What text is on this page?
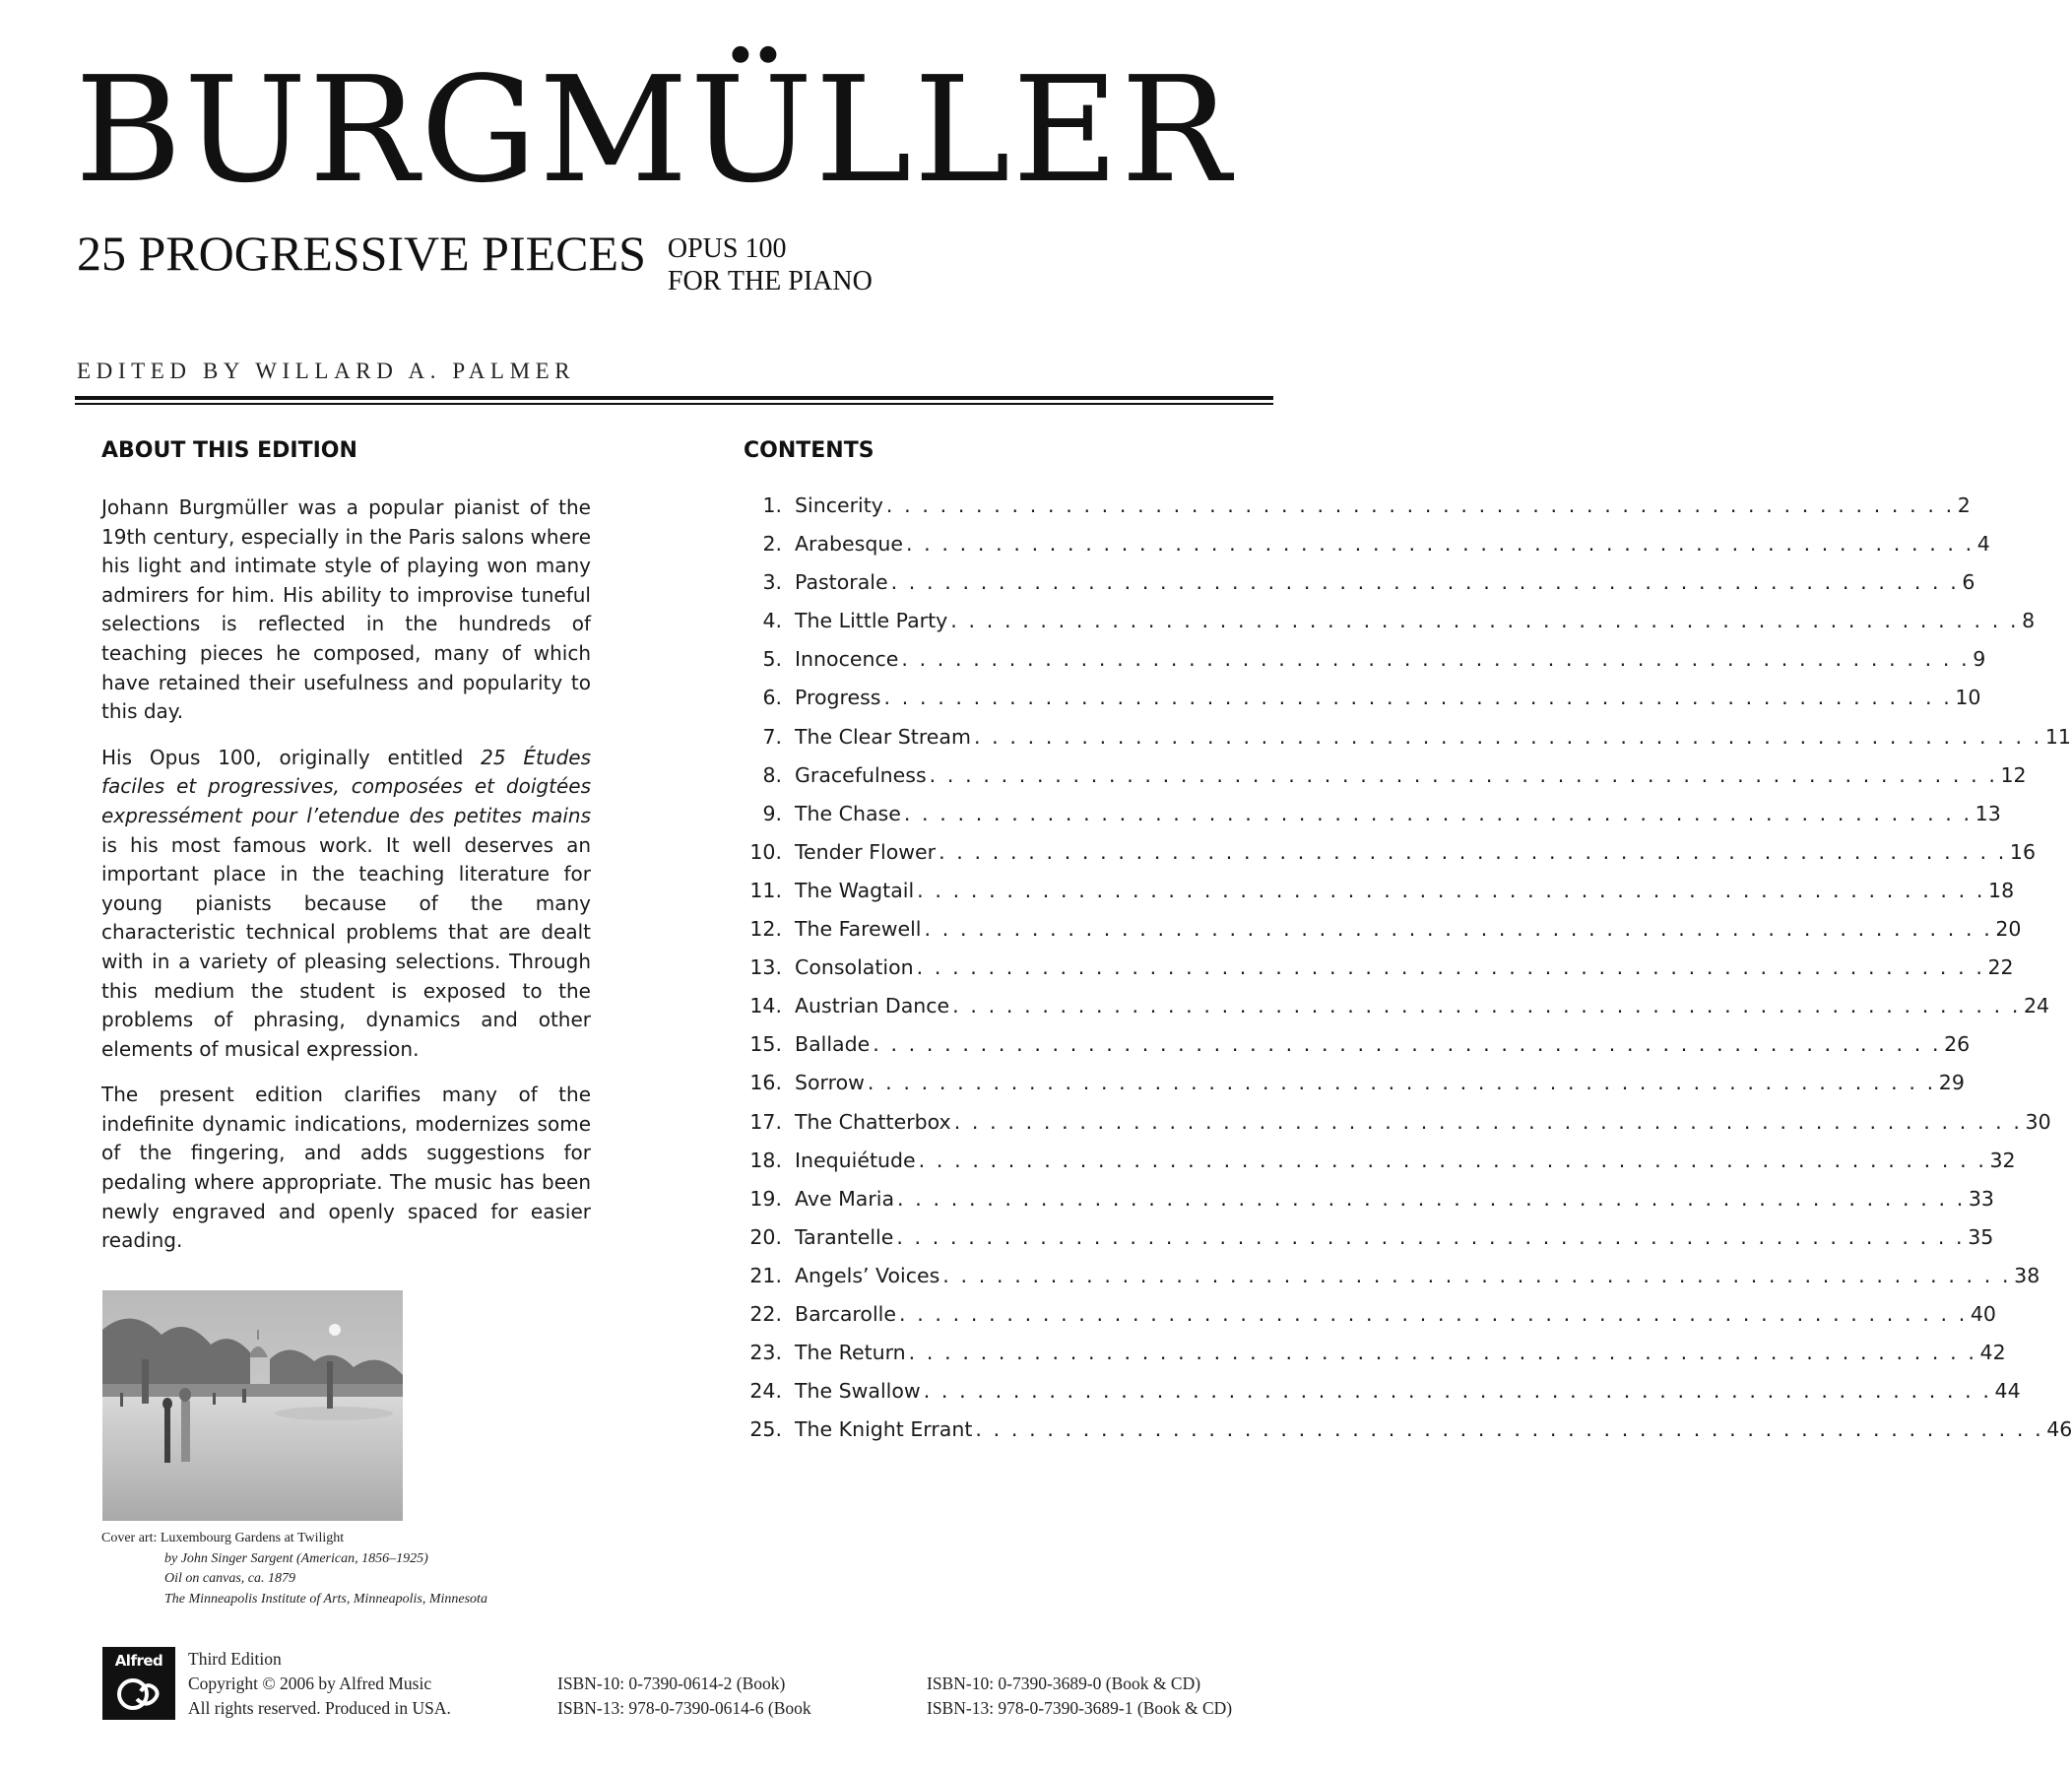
BURGMÜLLER
25 PROGRESSIVE PIECES OPUS 100
FOR THE PIANO
EDITED BY WILLARD A. PALMER
ABOUT THIS EDITION

Johann Burgmüller was a popular pianist of the 19th century, especially in the Paris salons where his light and intimate style of playing won many admirers for him. His ability to improvise tuneful selections is reflected in the hundreds of teaching pieces he composed, many of which have retained their usefulness and popularity to this day.

His Opus 100, originally entitled 25 Études faciles et progressives, composées et doigtées expressément pour l’etendue des petites mains is his most famous work. It well deserves an important place in the teaching literature for young pianists because of the many characteristic technical problems that are dealt with in a variety of pleasing selections. Through this medium the student is exposed to the problems of phrasing, dynamics and other elements of musical expression.

The present edition clarifies many of the indefinite dynamic indications, modernizes some of the fingering, and adds suggestions for pedaling where appropriate. The music has been newly engraved and openly spaced for easier reading.

CONTENTS
1. Sincerity . . . . . . . . . . . . . . . . . . . . . . . . . . . . . . . . . . . . . . . . . . . . . . . . . . . . . . . . . . . . 2
2. Arabesque . . . . . . . . . . . . . . . . . . . . . . . . . . . . . . . . . . . . . . . . . . . . . . . . . . . . . . . . . . . . 4
3. Pastorale . . . . . . . . . . . . . . . . . . . . . . . . . . . . . . . . . . . . . . . . . . . . . . . . . . . . . . . . . . . . 6
4. The Little Party . . . . . . . . . . . . . . . . . . . . . . . . . . . . . . . . . . . . . . . . . . . . . . . . . . . . . . . . . . . . 8
5. Innocence . . . . . . . . . . . . . . . . . . . . . . . . . . . . . . . . . . . . . . . . . . . . . . . . . . . . . . . . . . . . 9
6. Progress . . . . . . . . . . . . . . . . . . . . . . . . . . . . . . . . . . . . . . . . . . . . . . . . . . . . . . . . . . . . 10
7. The Clear Stream . . . . . . . . . . . . . . . . . . . . . . . . . . . . . . . . . . . . . . . . . . . . . . . . . . . . . . . . . . . . 11
8. Gracefulness . . . . . . . . . . . . . . . . . . . . . . . . . . . . . . . . . . . . . . . . . . . . . . . . . . . . . . . . . . . . 12
9. The Chase . . . . . . . . . . . . . . . . . . . . . . . . . . . . . . . . . . . . . . . . . . . . . . . . . . . . . . . . . . . . 13
10. Tender Flower . . . . . . . . . . . . . . . . . . . . . . . . . . . . . . . . . . . . . . . . . . . . . . . . . . . . . . . . . . . . 16
11. The Wagtail . . . . . . . . . . . . . . . . . . . . . . . . . . . . . . . . . . . . . . . . . . . . . . . . . . . . . . . . . . . . 18
12. The Farewell . . . . . . . . . . . . . . . . . . . . . . . . . . . . . . . . . . . . . . . . . . . . . . . . . . . . . . . . . . . . 20
13. Consolation . . . . . . . . . . . . . . . . . . . . . . . . . . . . . . . . . . . . . . . . . . . . . . . . . . . . . . . . . . . . 22
14. Austrian Dance . . . . . . . . . . . . . . . . . . . . . . . . . . . . . . . . . . . . . . . . . . . . . . . . . . . . . . . . . . . . 24
15. Ballade . . . . . . . . . . . . . . . . . . . . . . . . . . . . . . . . . . . . . . . . . . . . . . . . . . . . . . . . . . . . 26
16. Sorrow . . . . . . . . . . . . . . . . . . . . . . . . . . . . . . . . . . . . . . . . . . . . . . . . . . . . . . . . . . . . 29
17. The Chatterbox . . . . . . . . . . . . . . . . . . . . . . . . . . . . . . . . . . . . . . . . . . . . . . . . . . . . . . . . . . . . 30
18. Inequiétude . . . . . . . . . . . . . . . . . . . . . . . . . . . . . . . . . . . . . . . . . . . . . . . . . . . . . . . . . . . . 32
19. Ave Maria . . . . . . . . . . . . . . . . . . . . . . . . . . . . . . . . . . . . . . . . . . . . . . . . . . . . . . . . . . . . 33
20. Tarantelle . . . . . . . . . . . . . . . . . . . . . . . . . . . . . . . . . . . . . . . . . . . . . . . . . . . . . . . . . . . . 35
21. Angels’ Voices . . . . . . . . . . . . . . . . . . . . . . . . . . . . . . . . . . . . . . . . . . . . . . . . . . . . . . . . . . . . 38
22. Barcarolle . . . . . . . . . . . . . . . . . . . . . . . . . . . . . . . . . . . . . . . . . . . . . . . . . . . . . . . . . . . . 40
23. The Return . . . . . . . . . . . . . . . . . . . . . . . . . . . . . . . . . . . . . . . . . . . . . . . . . . . . . . . . . . . . 42
24. The Swallow . . . . . . . . . . . . . . . . . . . . . . . . . . . . . . . . . . . . . . . . . . . . . . . . . . . . . . . . . . . . 44
25. The Knight Errant . . . . . . . . . . . . . . . . . . . . . . . . . . . . . . . . . . . . . . . . . . . . . . . . . . . . . . . . . . . . 46
Cover art: Luxembourg Gardens at Twilight
by John Singer Sargent (American, 1856–1925)
Oil on canvas, ca. 1879
The Minneapolis Institute of Arts, Minneapolis, Minnesota
Alfred	Third Edition
Copyright © 2006 by Alfred Music
All rights reserved. Produced in USA.
ISBN-10: 0-7390-0614-2 (Book)
ISBN-13: 978-0-7390-0614-6 (Book
ISBN-10: 0-7390-3689-0 (Book & CD)
ISBN-13: 978-0-7390-3689-1 (Book & CD)
